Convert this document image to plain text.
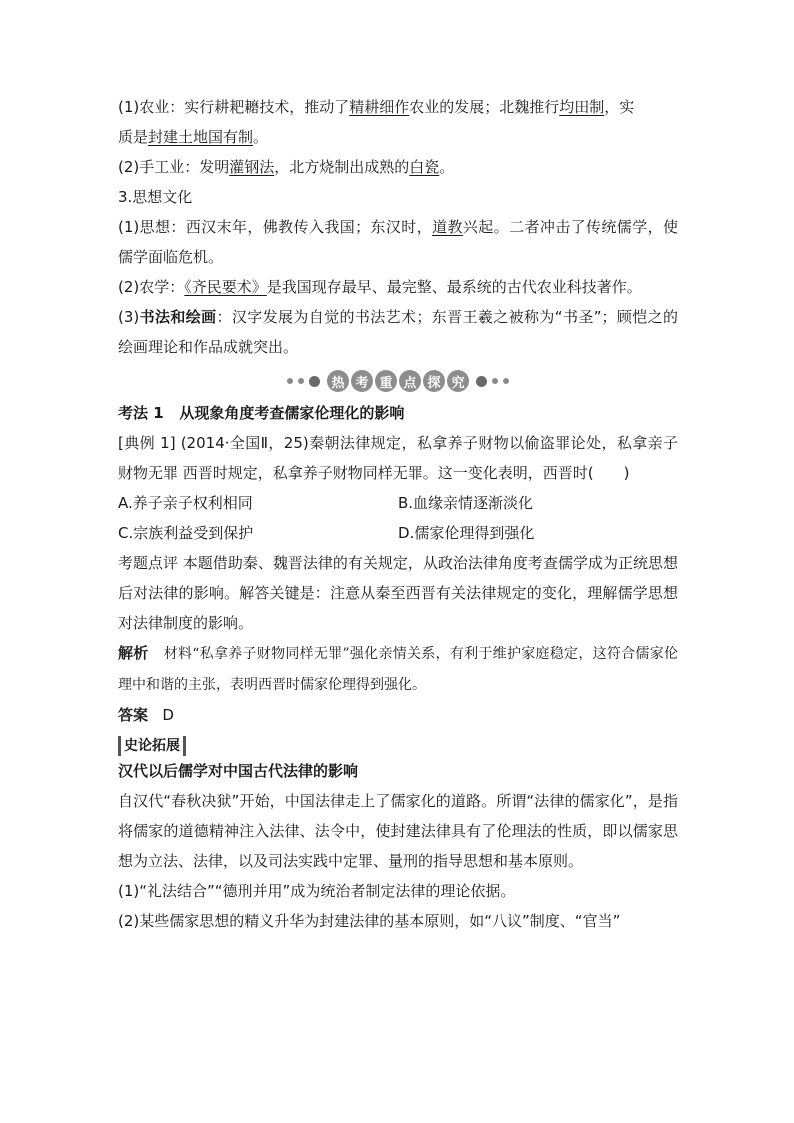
(1)农业：实行耕耙耱技术，推动了精耕细作农业的发展；北魏推行均田制，实

质是封建土地国有制。

(2)手工业：发明灌钢法，北方烧制出成熟的白瓷。

3.思想文化

(1)思想：西汉末年，佛教传入我国；东汉时，道教兴起。二者冲击了传统儒学，使儒学面临危机。

(2)农学：《齐民要术》是我国现存最早、最完整、最系统的古代农业科技著作。

(3)书法和绘画：汉字发展为自觉的书法艺术；东晋王羲之被称为“书圣”；顾恺之的绘画理论和作品成就突出。

热 考 重 点 探 究

考法 1 从现象角度考查儒家伦理化的影响

[典例 1] (2014·全国Ⅱ，25)秦朝法律规定，私拿养子财物以偷盗罪论处，私拿亲子财物无罪 西晋时规定，私拿养子财物同样无罪。这一变化表明，西晋时(　　)

A.养子亲子权利相同	B.血缘亲情逐渐淡化
C.宗族利益受到保护	D.儒家伦理得到强化

考题点评 本题借助秦、魏晋法律的有关规定，从政治法律角度考查儒学成为正统思想后对法律的影响。解答关键是：注意从秦至西晋有关法律规定的变化，理解儒学思想对法律制度的影响。

解析 材料“私拿养子财物同样无罪”强化亲情关系，有利于维护家庭稳定，这符合儒家伦理中和谐的主张，表明西晋时儒家伦理得到强化。

答案 D

史论拓展

汉代以后儒学对中国古代法律的影响

自汉代“春秋决狱”开始，中国法律走上了儒家化的道路。所谓“法律的儒家化”，是指将儒家的道德精神注入法律、法令中，使封建法律具有了伦理法的性质，即以儒家思想为立法、法律，以及司法实践中定罪、量刑的指导思想和基本原则。

(1)“礼法结合”“德刑并用”成为统治者制定法律的理论依据。

(2)某些儒家思想的精义升华为封建法律的基本原则，如“八议”制度、“官当”
